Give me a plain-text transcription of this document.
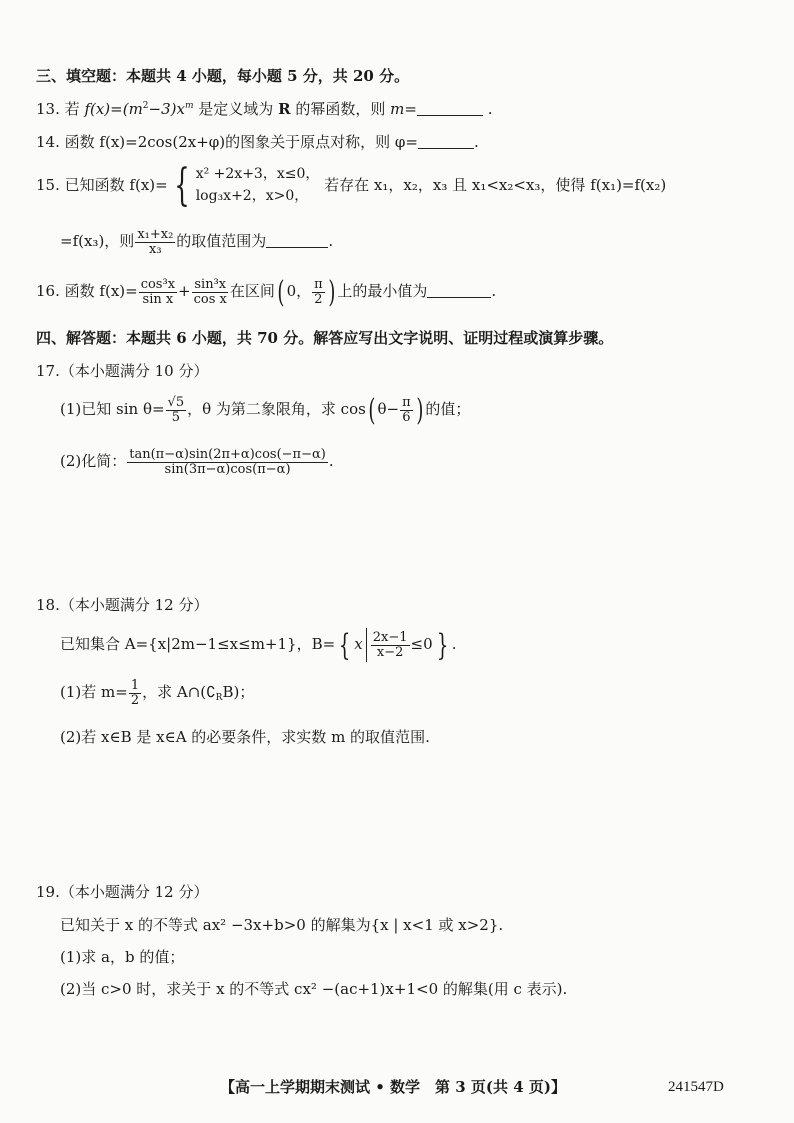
三、填空题：本题共 4 小题，每小题 5 分，共 20 分。
13. 若 $f(x)=(m^2-3)x^m$ 是定义域为 R 的幂函数，则 m=	.
14. 函数 f(x)=2cos(2x+φ)的图象关于原点对称，则 φ=	.
15. 已知函数 f(x)= { x² +2x+3，x≤0，
log₃x+2，x>0，
若存在 x₁，x₂，x₃ 且 x₁<x₂<x₃，使得 f(x₁)=f(x₂)
=f(x₃)，则 $\frac{\text{x₁+x₂}}{\text{x₃}}$ 的取值范围为	.
16. 函数 $f(x)= \frac{\text{cos³x}}{\text{sin x}} + \frac{\text{sin³x}}{\text{cos x}}$ 在区间( 0， $\frac{\pi}{2}$ ) 上的最小值为	.
四、解答题：本题共 6 小题，共 70 分。解答应写出文字说明、证明过程或演算步骤。
17.（本小题满分 10 分）
(1)已知 $\sin \theta= \frac{√5}{5}$ ，θ 为第二象限角，求 cos( $\theta- \frac{\pi}{6}$ ) 的值；
(2)化简： $\frac{\tan(\pi-\alpha)\sin(2\pi+\alpha)\cos(-\pi-\alpha)}{\sin(3\pi-\alpha)\cos(\pi-\alpha)}$ .
18.（本小题满分 12 分）
已知集合 A={x|2m−1≤x≤m+1}，B= { x $\frac{2x-1}{x-2} \le 0$ } .
(1)若 $m= \frac{1}{2}$ ，求 $A\cap(∁_RB)$；
(2)若 x∈B 是 x∈A 的必要条件，求实数 m 的取值范围.
19.（本小题满分 12 分）
已知关于 x 的不等式 ax² −3x+b>0 的解集为{x | x<1 或 x>2}.
(1)求 a，b 的值；
(2)当 c>0 时，求关于 x 的不等式 cx² −(ac+1)x+1<0 的解集(用 c 表示).
【高一上学期期末测试 • 数学　第 3 页(共 4 页)】	241547D
